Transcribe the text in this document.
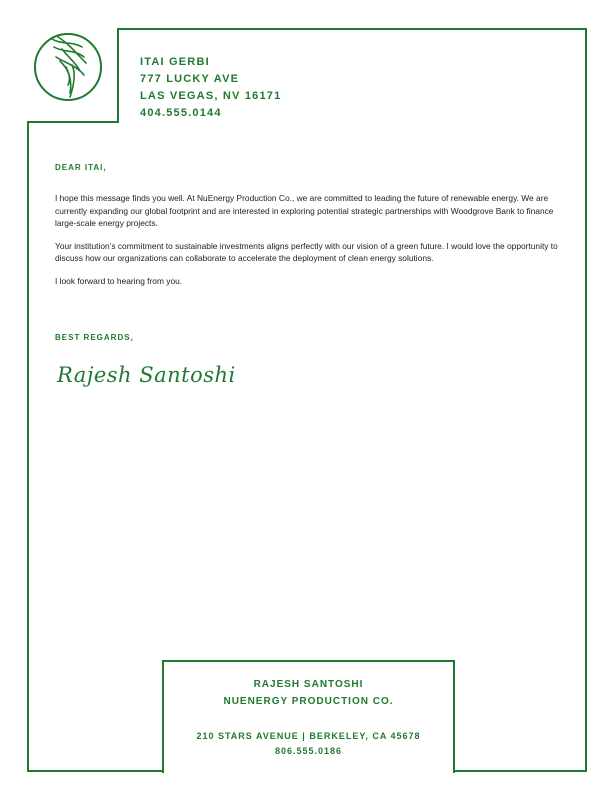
ITAI GERBI
777 LUCKY AVE
LAS VEGAS, NV 16171
404.555.0144
DEAR ITAI,

I hope this message finds you well. At NuEnergy Production Co., we are committed to leading the future of renewable energy. We are currently expanding our global footprint and are interested in exploring potential strategic partnerships with Woodgrove Bank to finance large-scale energy projects.

Your institution’s commitment to sustainable investments aligns perfectly with our vision of a green future. I would love the opportunity to discuss how our organizations can collaborate to accelerate the deployment of clean energy solutions.

I look forward to hearing from you.

BEST REGARDS,
Rajesh Santoshi
RAJESH SANTOSHI
NUENERGY PRODUCTION CO.
210 STARS AVENUE | BERKELEY, CA 45678
806.555.0186
